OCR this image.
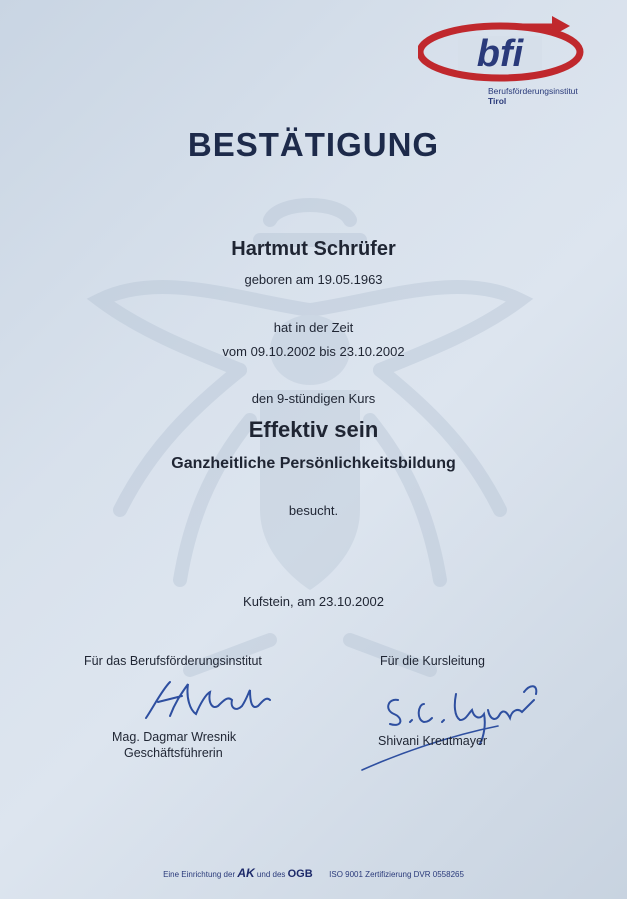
bfi
Berufsförderungsinstitut
Tirol
BESTÄTIGUNG
Hartmut Schrüfer
geboren am 19.05.1963
hat in der Zeit
vom 09.10.2002 bis 23.10.2002
den 9-stündigen Kurs
Effektiv sein
Ganzheitliche Persönlichkeitsbildung
besucht.
Kufstein, am 23.10.2002
Für das Berufsförderungsinstitut
Mag. Dagmar Wresnik
Geschäftsführerin
Für die Kursleitung
Shivani Kreutmayer
Eine Einrichtung der AK und des OGB ISO 9001 Zertifizierung DVR 0558265
